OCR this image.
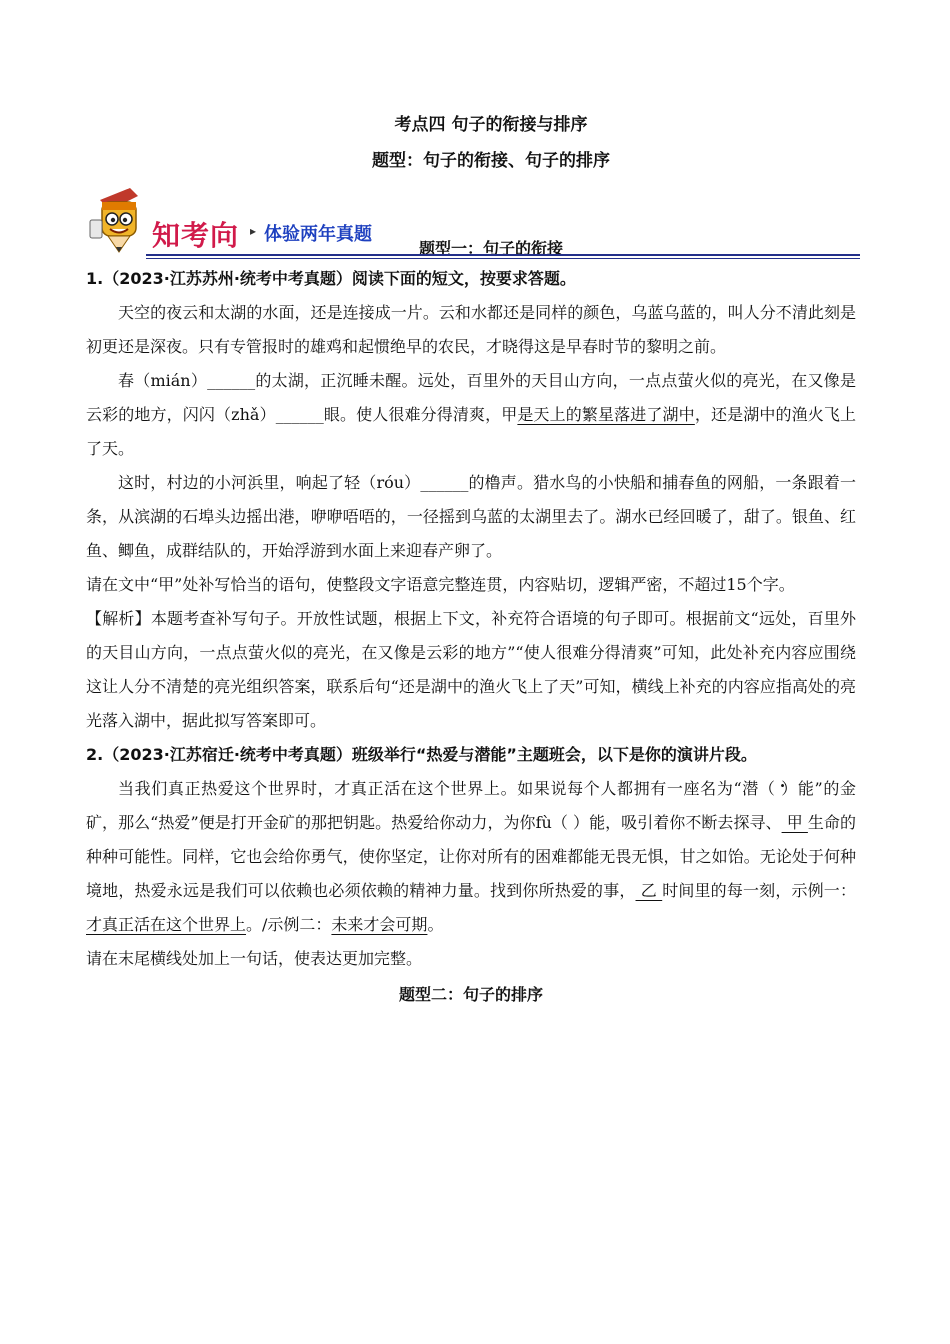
考点四 句子的衔接与排序
题型：句子的衔接、句子的排序
知考向 ▸ 体验两年真题
题型一：句子的衔接

1.（2023·江苏苏州·统考中考真题）阅读下面的短文，按要求答题。

天空的夜云和太湖的水面，还是连接成一片。云和水都还是同样的颜色，乌蓝乌蓝的，叫人分不清此刻是初更还是深夜。只有专管报时的雄鸡和起惯绝早的农民，才晓得这是早春时节的黎明之前。

春（mián）______的太湖，正沉睡未醒。远处，百里外的天目山方向，一点点萤火似的亮光，在又像是云彩的地方，闪闪（zhǎ）______眼。使人很难分得清爽，甲是天上的繁星落进了湖中，还是湖中的渔火飞上了天。

这时，村边的小河浜里，响起了轻（róu）______的橹声。猎水鸟的小快船和捕春鱼的网船，一条跟着一条，从滨湖的石埠头边摇出港，咿咿唔唔的，一径摇到乌蓝的太湖里去了。湖水已经回暖了，甜了。银鱼、红鱼、鲫鱼，成群结队的，开始浮游到水面上来迎春产卵了。

请在文中“甲”处补写恰当的语句，使整段文字语意完整连贯，内容贴切，逻辑严密，不超过15个字。

【解析】本题考查补写句子。开放性试题，根据上下文，补充符合语境的句子即可。根据前文“远处，百里外的天目山方向，一点点萤火似的亮光，在又像是云彩的地方”“使人很难分得清爽”可知，此处补充内容应围绕这让人分不清楚的亮光组织答案，联系后句“还是湖中的渔火飞上了天”可知，横线上补充的内容应指高处的亮光落入湖中，据此拟写答案即可。

2.（2023·江苏宿迁·统考中考真题）班级举行“热爱与潜能”主题班会，以下是你的演讲片段。

当我们真正热爱这个世界时，才真正活在这个世界上。如果说每个人都拥有一座名为“. 潜（ ）能”的金矿，那么“热爱”便是打开金矿的那把钥匙。热爱给你动力，为你fù（ ）能，吸引着你不断去探寻、 甲 生命的种种可能性。同样，它也会给你勇气，使你坚定，让你对所有的困难都能无畏无惧，甘之如饴。无论处于何种境地，热爱永远是我们可以依赖也必须依赖的精神力量。找到你所热爱的事， 乙 时间里的每一刻，示例一：才真正活在这个世界上。/示例二：未来才会可期。

请在末尾横线处加上一句话，使表达更加完整。

题型二：句子的排序
